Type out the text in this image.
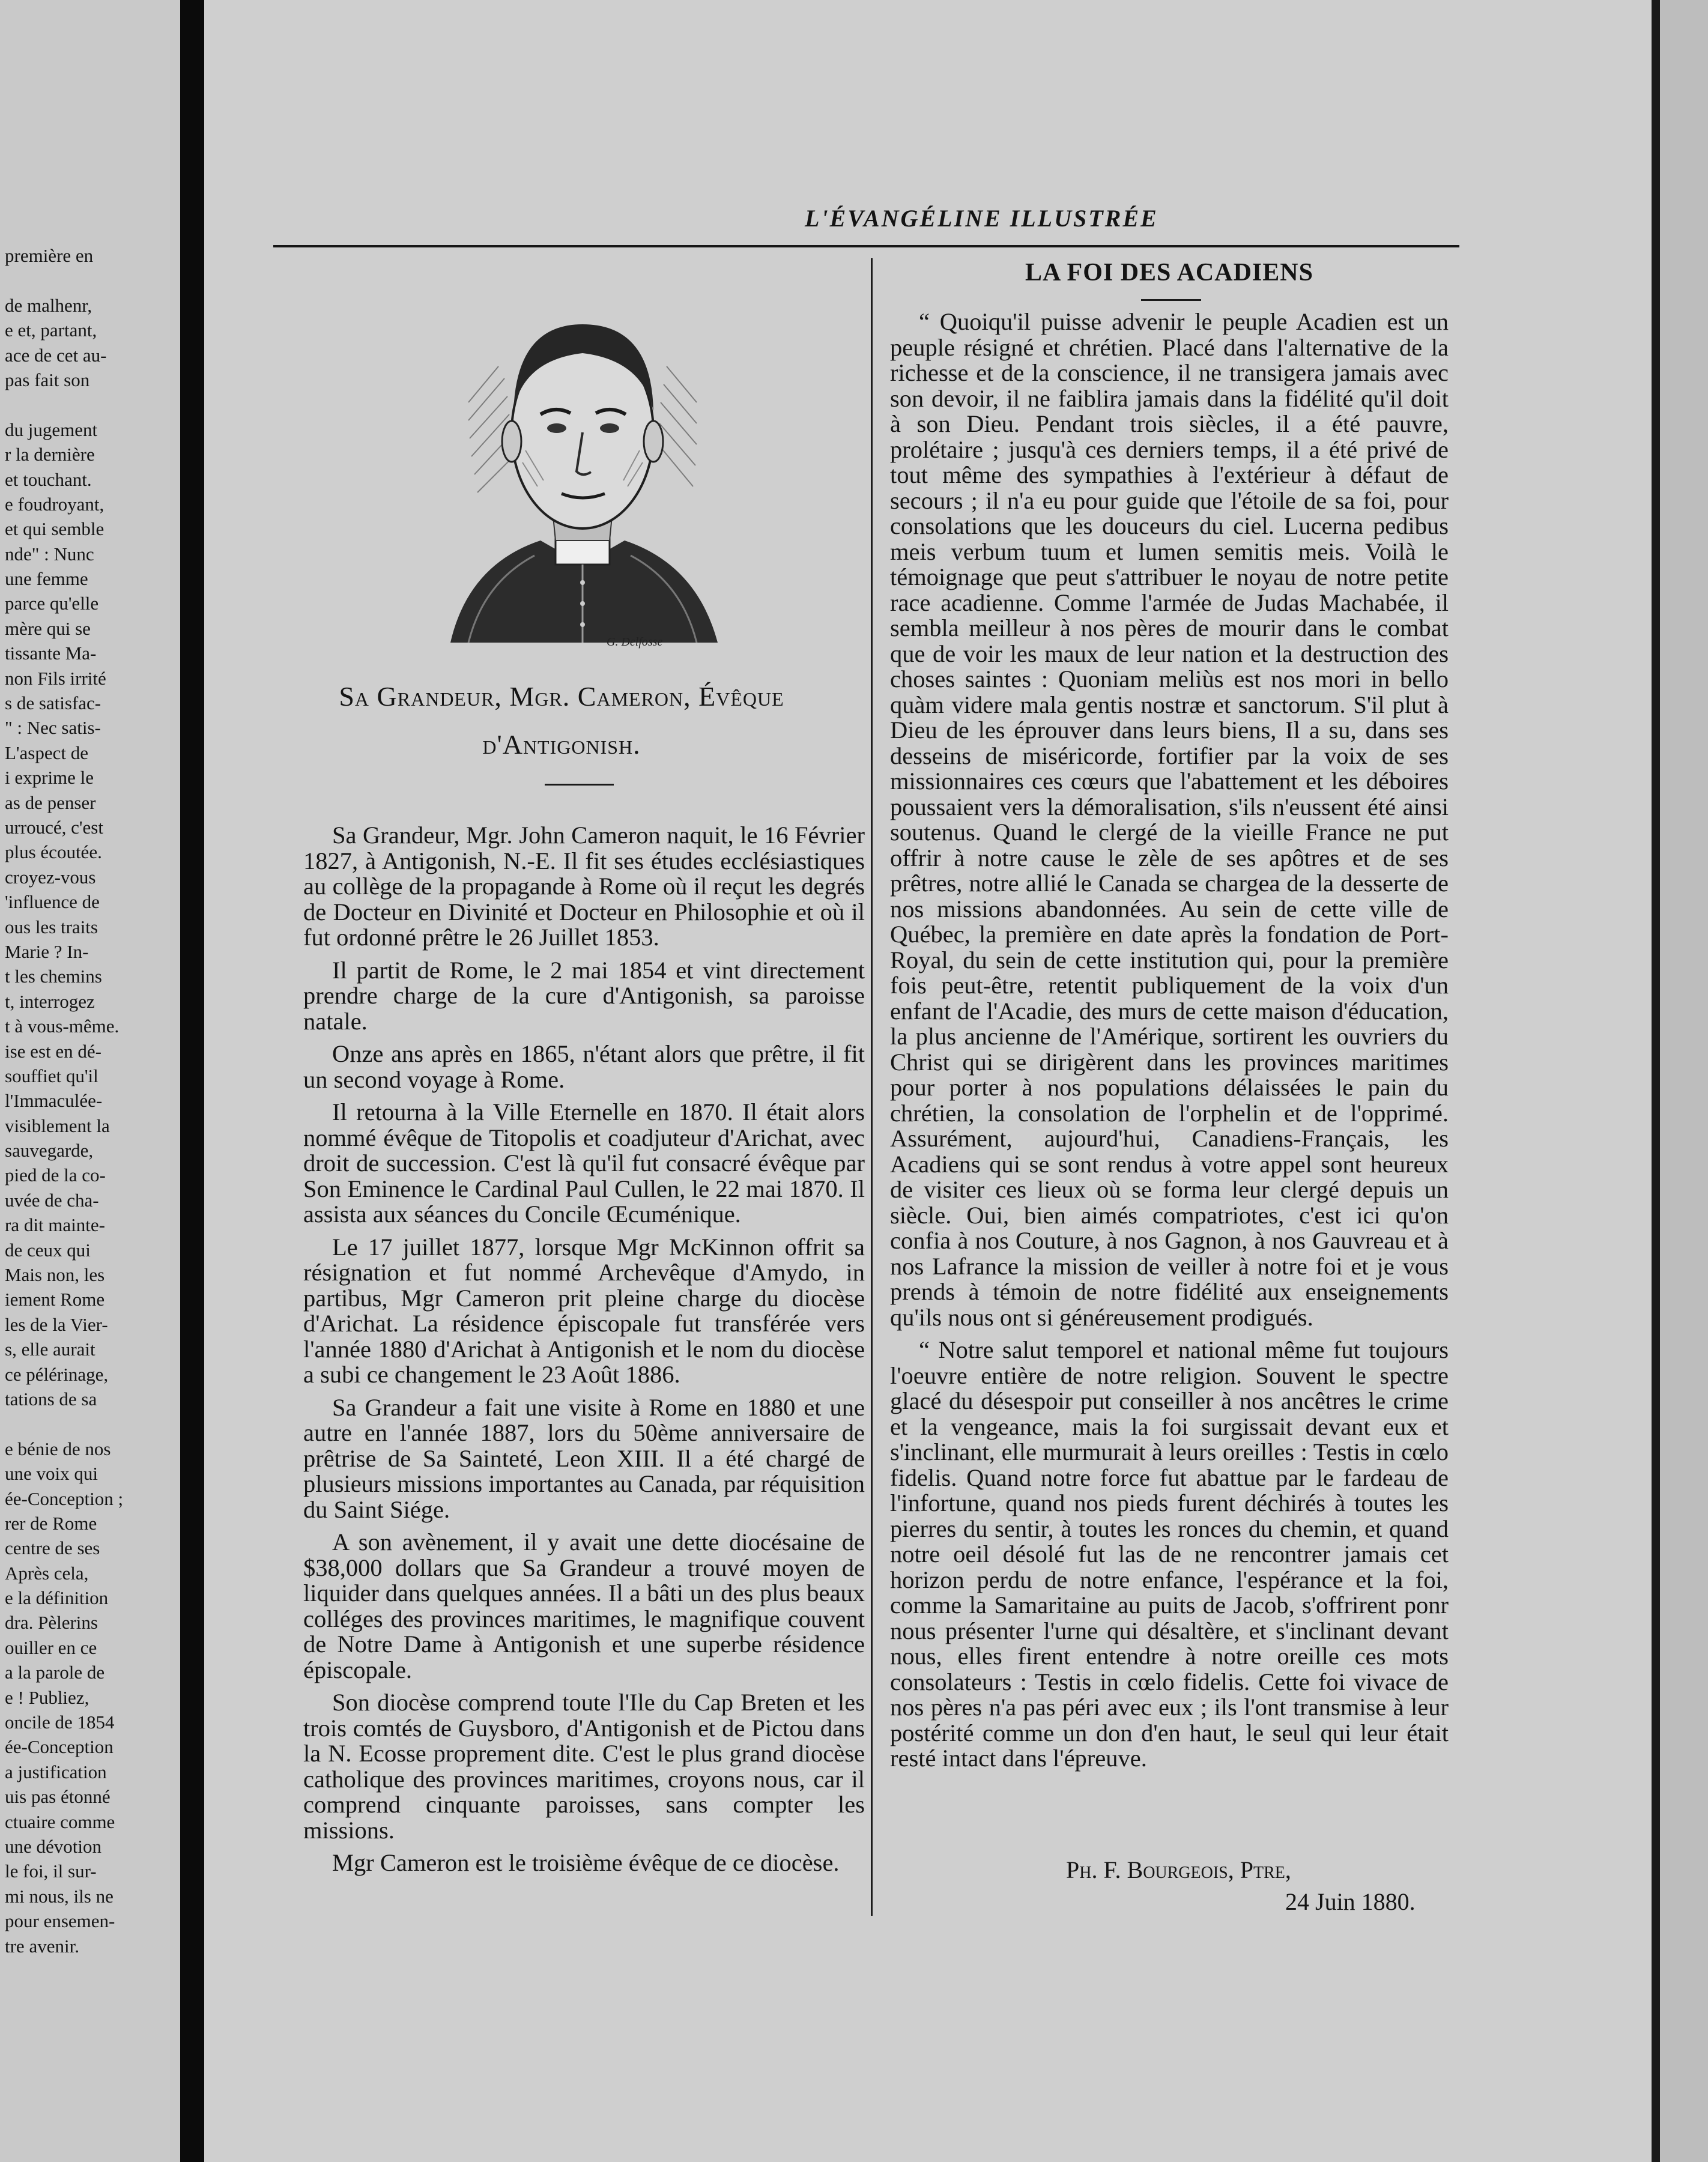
première en
de malhenr,
e et, partant,
ace de cet au-
pas fait son
du jugement
r la dernière
et touchant.
e foudroyant,
et qui semble
nde" : Nunc
une femme
parce qu'elle
mère qui se
tissante Ma-
non Fils irrité
s de satisfac-
" : Nec satis-
L'aspect de
i exprime le
as de penser
urroucé, c'est
plus écoutée.
croyez-vous
'influence de
ous les traits
Marie ? In-
t les chemins
t, interrogez
t à vous-même.
ise est en dé-
souffiet qu'il
l'Immaculée-
visiblement la
sauvegarde,
pied de la co-
uvée de cha-
ra dit mainte-
de ceux qui
Mais non, les
iement Rome
les de la Vier-
s, elle aurait
ce pélérinage,
tations de sa
e bénie de nos
une voix qui
ée-Conception ;
rer de Rome
centre de ses
Après cela,
e la définition
dra. Pèlerins
ouiller en ce
a la parole de
e ! Publiez,
oncile de 1854
ée-Conception
a justification
uis pas étonné
ctuaire comme
une dévotion
le foi, il sur-
mi nous, ils ne
pour ensemen-
tre avenir.
L'ÉVANGÉLINE ILLUSTRÉE
G. Delfosse
Sa Grandeur, Mgr. Cameron, Évêque
d'Antigonish.

Sa Grandeur, Mgr. John Cameron naquit, le 16 Février 1827, à Antigonish, N.-E. Il fit ses études ecclésiastiques au collège de la propagande à Rome où il reçut les degrés de Docteur en Divinité et Docteur en Philosophie et où il fut ordonné prêtre le 26 Juillet 1853.

Il partit de Rome, le 2 mai 1854 et vint directement prendre charge de la cure d'Antigonish, sa paroisse natale.

Onze ans après en 1865, n'étant alors que prêtre, il fit un second voyage à Rome.

Il retourna à la Ville Eternelle en 1870. Il était alors nommé évêque de Titopolis et coadjuteur d'Arichat, avec droit de succession. C'est là qu'il fut consacré évêque par Son Eminence le Cardinal Paul Cullen, le 22 mai 1870. Il assista aux séances du Concile Œcuménique.

Le 17 juillet 1877, lorsque Mgr McKinnon offrit sa résignation et fut nommé Archevêque d'Amydo, in partibus, Mgr Cameron prit pleine charge du diocèse d'Arichat. La résidence épiscopale fut transférée vers l'année 1880 d'Arichat à Antigonish et le nom du diocèse a subi ce changement le 23 Août 1886.

Sa Grandeur a fait une visite à Rome en 1880 et une autre en l'année 1887, lors du 50ème anniversaire de prêtrise de Sa Sainteté, Leon XIII. Il a été chargé de plusieurs missions importantes au Canada, par réquisition du Saint Siége.

A son avènement, il y avait une dette diocésaine de $38,000 dollars que Sa Grandeur a trouvé moyen de liquider dans quelques années. Il a bâti un des plus beaux colléges des provinces maritimes, le magnifique couvent de Notre Dame à Antigonish et une superbe résidence épiscopale.

Son diocèse comprend toute l'Ile du Cap Breten et les trois comtés de Guysboro, d'Antigonish et de Pictou dans la N. Ecosse proprement dite. C'est le plus grand diocèse catholique des provinces maritimes, croyons nous, car il comprend cinquante paroisses, sans compter les missions.

Mgr Cameron est le troisième évêque de ce diocèse.

LA FOI DES ACADIENS

“ Quoiqu'il puisse advenir le peuple Acadien est un peuple résigné et chrétien. Placé dans l'alternative de la richesse et de la conscience, il ne transigera jamais avec son devoir, il ne faiblira jamais dans la fidélité qu'il doit à son Dieu. Pendant trois siècles, il a été pauvre, prolétaire ; jusqu'à ces derniers temps, il a été privé de tout même des sympathies à l'extérieur à défaut de secours ; il n'a eu pour guide que l'étoile de sa foi, pour consolations que les douceurs du ciel. Lucerna pedibus meis verbum tuum et lumen semitis meis. Voilà le témoignage que peut s'attribuer le noyau de notre petite race acadienne. Comme l'armée de Judas Machabée, il sembla meilleur à nos pères de mourir dans le combat que de voir les maux de leur nation et la destruction des choses saintes : Quoniam meliùs est nos mori in bello quàm videre mala gentis nostræ et sanctorum. S'il plut à Dieu de les éprouver dans leurs biens, Il a su, dans ses desseins de miséricorde, fortifier par la voix de ses missionnaires ces cœurs que l'abattement et les déboires poussaient vers la démoralisation, s'ils n'eussent été ainsi soutenus. Quand le clergé de la vieille France ne put offrir à notre cause le zèle de ses apôtres et de ses prêtres, notre allié le Canada se chargea de la desserte de nos missions abandonnées. Au sein de cette ville de Québec, la première en date après la fondation de Port-Royal, du sein de cette institution qui, pour la première fois peut-être, retentit publiquement de la voix d'un enfant de l'Acadie, des murs de cette maison d'éducation, la plus ancienne de l'Amérique, sortirent les ouvriers du Christ qui se dirigèrent dans les provinces maritimes pour porter à nos populations délaissées le pain du chrétien, la consolation de l'orphelin et de l'opprimé. Assurément, aujourd'hui, Canadiens-Français, les Acadiens qui se sont rendus à votre appel sont heureux de visiter ces lieux où se forma leur clergé depuis un siècle. Oui, bien aimés compatriotes, c'est ici qu'on confia à nos Couture, à nos Gagnon, à nos Gauvreau et à nos Lafrance la mission de veiller à notre foi et je vous prends à témoin de notre fidélité aux enseignements qu'ils nous ont si généreusement prodigués.

“ Notre salut temporel et national même fut toujours l'oeuvre entière de notre religion. Souvent le spectre glacé du désespoir put conseiller à nos ancêtres le crime et la vengeance, mais la foi surgissait devant eux et s'inclinant, elle murmurait à leurs oreilles : Testis in cœlo fidelis. Quand notre force fut abattue par le fardeau de l'infortune, quand nos pieds furent déchirés à toutes les pierres du sentir, à toutes les ronces du chemin, et quand notre oeil désolé fut las de ne rencontrer jamais cet horizon perdu de notre enfance, l'espérance et la foi, comme la Samaritaine au puits de Jacob, s'offrirent ponr nous présenter l'urne qui désaltère, et s'inclinant devant nous, elles firent entendre à notre oreille ces mots consolateurs : Testis in cœlo fidelis. Cette foi vivace de nos pères n'a pas péri avec eux ; ils l'ont transmise à leur postérité comme un don d'en haut, le seul qui leur était resté intact dans l'épreuve.

Ph. F. Bourgeois, Ptre,
24 Juin 1880.
